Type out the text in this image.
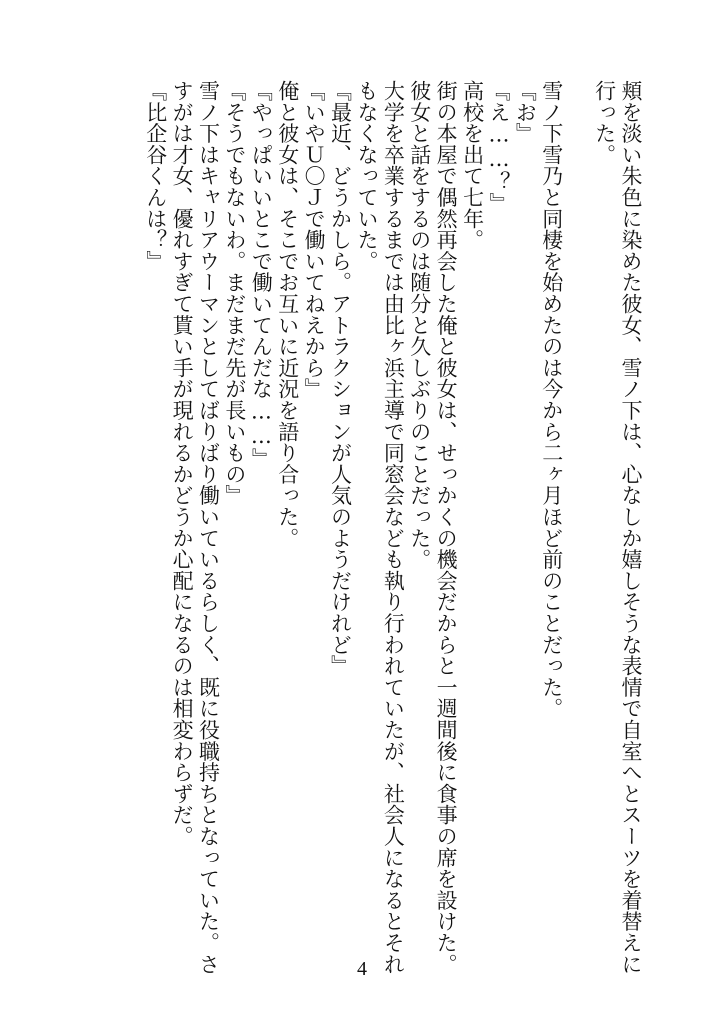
頬を淡い朱色に染めた彼女、雪ノ下は、心なしか嬉しそうな表情で自室へとスーツを着替えに
行った。
雪ノ下雪乃と同棲を始めたのは今から二ヶ月ほど前のことだった。
『お』
『え……？』
高校を出て七年。
街の本屋で偶然再会した俺と彼女は、せっかくの機会だからと一週間後に食事の席を設けた。
彼女と話をするのは随分と久しぶりのことだった。
大学を卒業するまでは由比ヶ浜主導で同窓会なども執り行われていたが、社会人になるとそれ
もなくなっていた。
『最近、どうかしら。アトラクションが人気のようだけれど』
『いやＵ〇Ｊで働いてねえから』
俺と彼女は、そこでお互いに近況を語り合った。
『やっぱいいとこで働いてんだな……』
『そうでもないわ。まだまだ先が長いもの』
雪ノ下はキャリアウーマンとしてばりばり働いているらしく、既に役職持ちとなっていた。さ
すがは才女、優れすぎて貰い手が現れるかどうか心配になるのは相変わらずだ。
『比企谷くんは？』
4
